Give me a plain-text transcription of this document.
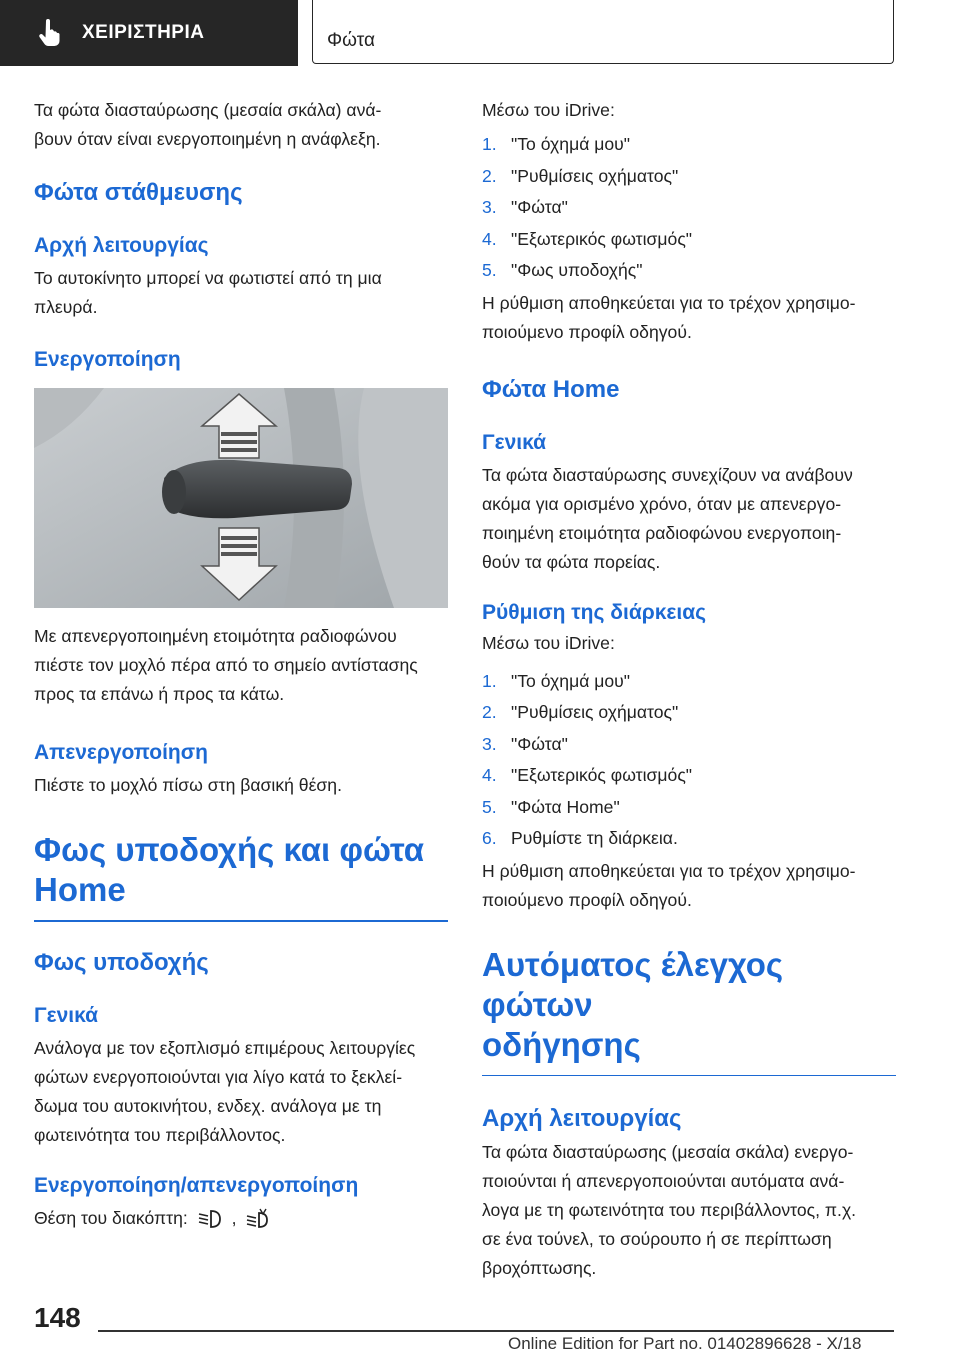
ΧΕΙΡΙΣΤΗΡΙΑ	Φώτα

Τα φώτα διασταύρωσης (μεσαία σκάλα) ανά-
βουν όταν είναι ενεργοποιημένη η ανάφλεξη.

Φώτα στάθμευσης
Αρχή λειτουργίας

Το αυτοκίνητο μπορεί να φωτιστεί από τη μια
πλευρά.

Ενεργοποίηση

Με απενεργοποιημένη ετοιμότητα ραδιοφώνου
πιέστε τον μοχλό πέρα από το σημείο αντίστασης
προς τα επάνω ή προς τα κάτω.

Απενεργοποίηση

Πιέστε το μοχλό πίσω στη βασική θέση.

Φως υποδοχής και φώτα
Home
Φως υποδοχής
Γενικά

Ανάλογα με τον εξοπλισμό επιμέρους λειτουργίες
φώτων ενεργοποιούνται για λίγο κατά το ξεκλεί-
δωμα του αυτοκινήτου, ενδεχ. ανάλογα με τη
φωτεινότητα του περιβάλλοντος.

Ενεργοποίηση/απενεργοποίηση

Θέση του διακόπτη: ,

Μέσω του iDrive:

1. "Το όχημά μου"
2. "Ρυθμίσεις οχήματος"
3. "Φώτα"
4. "Εξωτερικός φωτισμός"
5. "Φως υποδοχής"

Η ρύθμιση αποθηκεύεται για το τρέχον χρησιμο-
ποιούμενο προφίλ οδηγού.

Φώτα Home
Γενικά

Τα φώτα διασταύρωσης συνεχίζουν να ανάβουν
ακόμα για ορισμένο χρόνο, όταν με απενεργο-
ποιημένη ετοιμότητα ραδιοφώνου ενεργοποιη-
θούν τα φώτα πορείας.

Ρύθμιση της διάρκειας

Μέσω του iDrive:

1. "Το όχημά μου"
2. "Ρυθμίσεις οχήματος"
3. "Φώτα"
4. "Εξωτερικός φωτισμός"
5. "Φώτα Home"
6. Ρυθμίστε τη διάρκεια.

Η ρύθμιση αποθηκεύεται για το τρέχον χρησιμο-
ποιούμενο προφίλ οδηγού.

Αυτόματος έλεγχος φώτων
οδήγησης
Αρχή λειτουργίας

Τα φώτα διασταύρωσης (μεσαία σκάλα) ενεργο-
ποιούνται ή απενεργοποιούνται αυτόματα ανά-
λογα με τη φωτεινότητα του περιβάλλοντος, π.χ.
σε ένα τούνελ, το σούρουπο ή σε περίπτωση
βροχόπτωσης.

148
Online Edition for Part no. 01402896628 - X/18
